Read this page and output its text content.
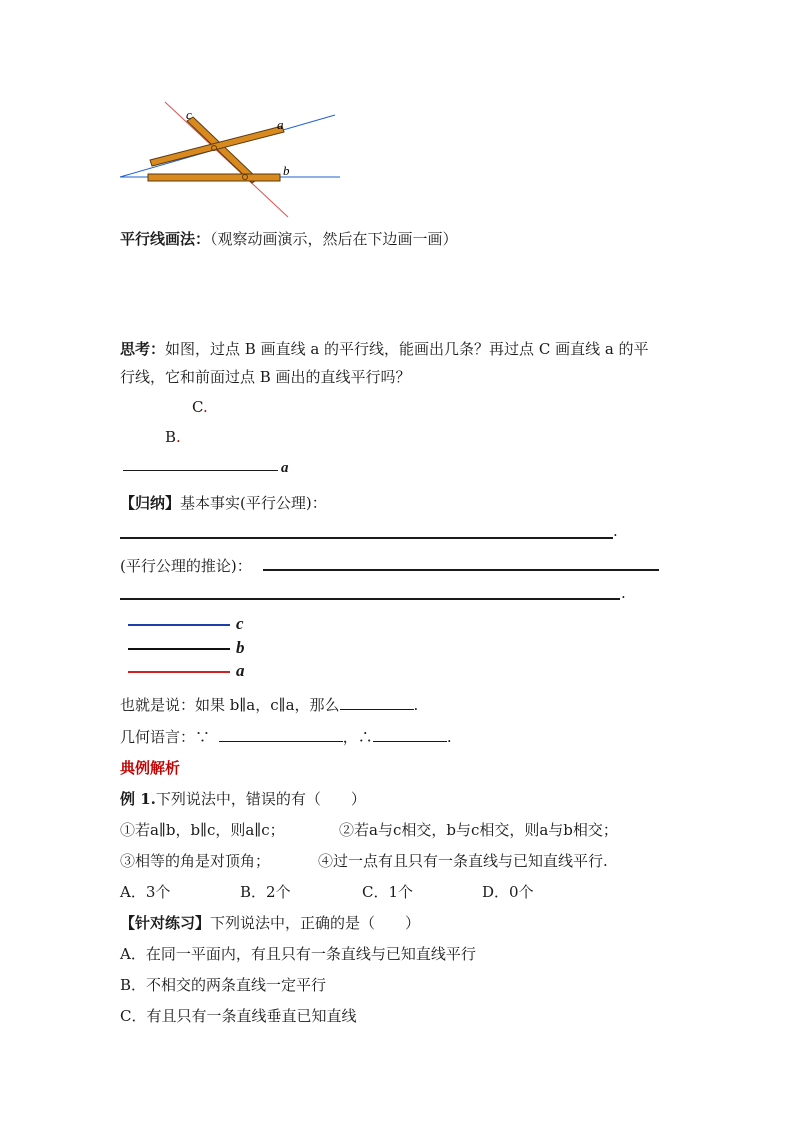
c
a
b
平行线画法：（观察动画演示，然后在下边画一画）
思考：如图，过点 B 画直线 a 的平行线，能画出几条？再过点 C 画直线 a 的平
行线，它和前面过点 B 画出的直线平行吗？
C.
B.
a
【归纳】基本事实(平行公理)：
.
(平行公理的推论)：
.
c
b
a
也就是说：如果 b∥a，c∥a，那么	.
几何语言：∵	，∴	.
典例解析
例 1.下列说法中，错误的有（　　）
①若a∥b，b∥c，则a∥c；	②若a与c相交，b与c相交，则a与b相交；
③相等的角是对顶角；	④过一点有且只有一条直线与已知直线平行.
A．3个	B．2个	C．1个	D．0个
【针对练习】下列说法中，正确的是（　　）
A．在同一平面内，有且只有一条直线与已知直线平行
B．不相交的两条直线一定平行
C．有且只有一条直线垂直已知直线
